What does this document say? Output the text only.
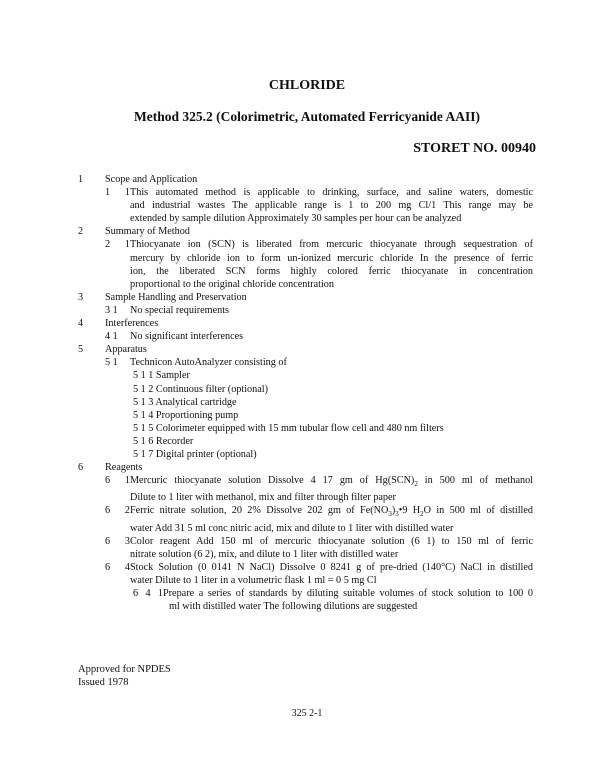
CHLORIDE
Method 325.2 (Colorimetric, Automated Ferricyanide AAII)
STORET NO. 00940
1 Scope and Application
1 1This automated method is applicable to drinking, surface, and saline waters, domestic
and industrial wastes The applicable range is 1 to 200 mg Cl/1 This range may be
extended by sample dilution Approximately 30 samples per hour can be analyzed
2 Summary of Method
2 1Thiocyanate ion (SCN) is liberated from mercuric thiocyanate through sequestration of
mercury by chloride ion to form un-ionized mercuric chloride In the presence of ferric
ion, the liberated SCN forms highly colored ferric thiocyanate in concentration
proportional to the original chloride concentration
3 Sample Handling and Preservation
3 1 No special requirements
4 Interferences
4 1 No significant interferences
5 Apparatus
5 1 Technicon AutoAnalyzer consisting of
5 1 1 Sampler
5 1 2 Continuous filter (optional)
5 1 3 Analytical cartridge
5 1 4 Proportioning pump
5 1 5 Colorimeter equipped with 15 mm tubular flow cell and 480 nm filters
5 1 6 Recorder
5 1 7 Digital printer (optional)
6 Reagents
6 1Mercuric thiocyanate solution Dissolve 4 17 gm of $Hg(SCN)_2$ in 500 ml of methanol
Dilute to 1 liter with methanol, mix and filter through filter paper
6 2Ferric nitrate solution, 20 2% Dissolve 202 gm of $Fe(NO_3)_3•9$ $H_2O$ in 500 ml of distilled
water Add 31 5 ml conc nitric acid, mix and dilute to 1 liter with distilled water
6 3Color reagent Add 150 ml of mercuric thiocyanate solution (6 1) to 150 ml of ferric
nitrate solution (6 2), mix, and dilute to 1 liter with distilled water
6 4Stock Solution (0 0141 N NaCl) Dissolve 0 8241 g of pre-dried (140°C) NaCl in distilled
water Dilute to 1 liter in a volumetric flask 1 ml = 0 5 mg Cl
6 4 1Prepare a series of standards by diluting suitable volumes of stock solution to 100 0
ml with distilled water The following dilutions are suggested
Approved for NPDES
Issued 1978
325 2-1
